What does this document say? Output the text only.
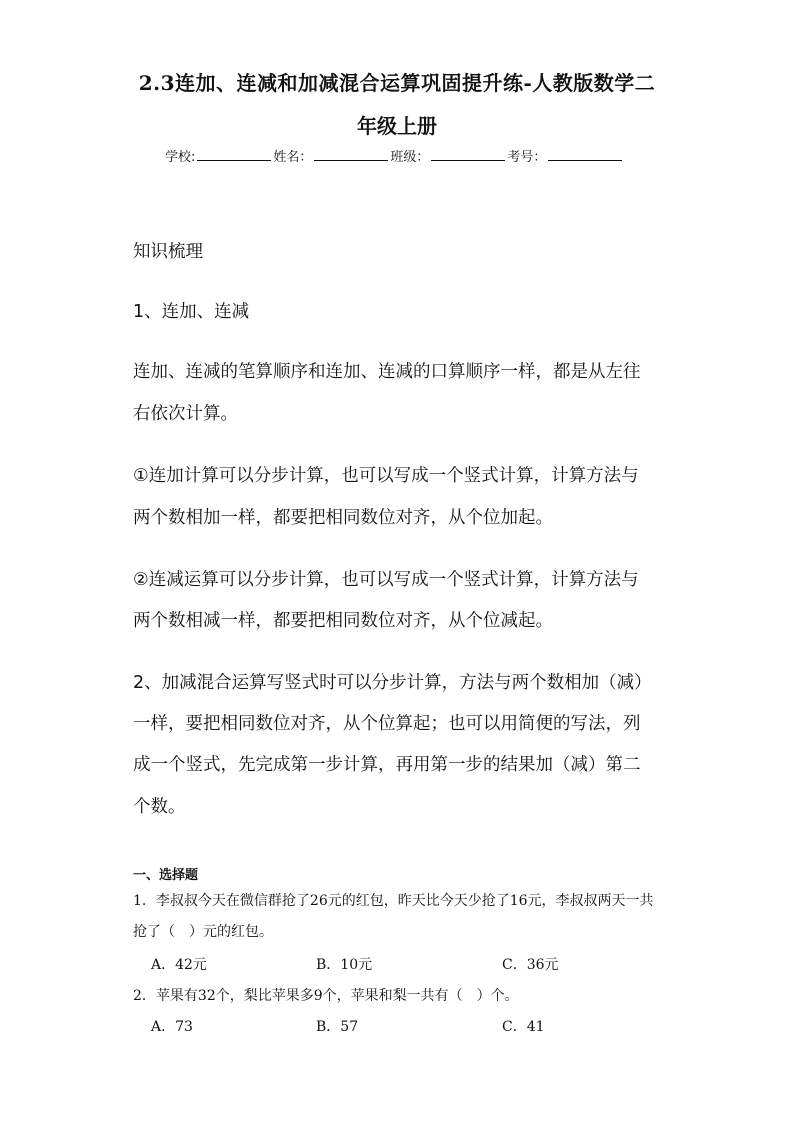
2.3连加、连减和加减混合运算巩固提升练-人教版数学二
年级上册
学校:	姓名：	班级：	考号：
知识梳理
1、连加、连减
连加、连减的笔算顺序和连加、连减的口算顺序一样，都是从左往
右依次计算。
①连加计算可以分步计算，也可以写成一个竖式计算，计算方法与
两个数相加一样，都要把相同数位对齐，从个位加起。
②连减运算可以分步计算，也可以写成一个竖式计算，计算方法与
两个数相减一样，都要把相同数位对齐，从个位减起。
2、加减混合运算写竖式时可以分步计算，方法与两个数相加（减）
一样，要把相同数位对齐，从个位算起；也可以用简便的写法，列
成一个竖式，先完成第一步计算，再用第一步的结果加（减）第二
个数。
一、选择题
1．李叔叔今天在微信群抢了26元的红包，昨天比今天少抢了16元，李叔叔两天一共
抢了（　）元的红包。
A．42元	B．10元	C．36元
2．苹果有32个，梨比苹果多9个，苹果和梨一共有（　）个。
A．73	B．57	C．41
